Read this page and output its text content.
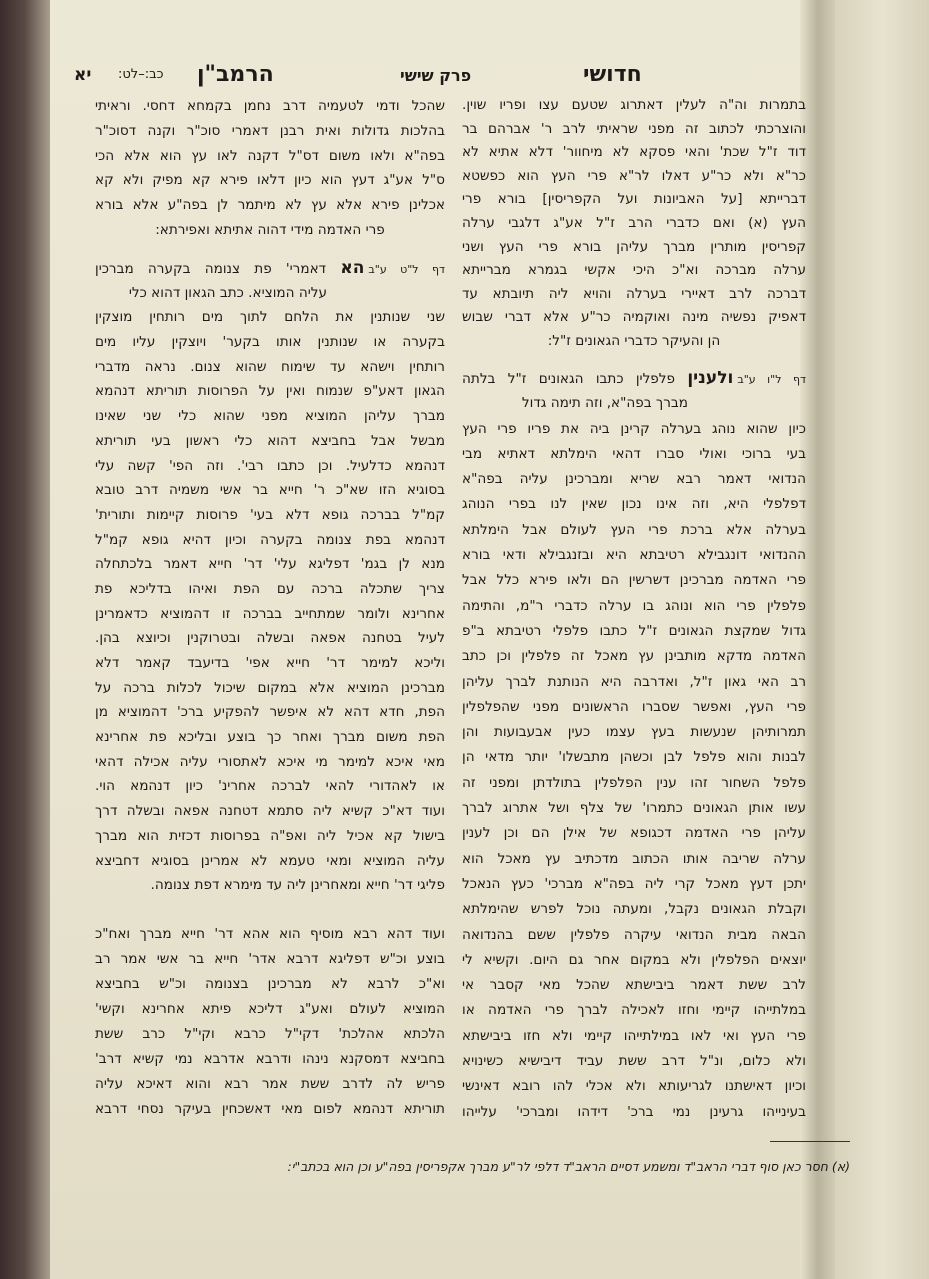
חדושי
פרק שישי
הרמב"ן
כב:–לט:
יא
בתמרות וה"ה לעלין דאתרוג שטעם עצו ופריו שוין.
והוצרכתי לכתוב זה מפני שראיתי לרב ר' אברהם בר
דוד ז"ל שכת' והאי פסקא לא מיחוור' דלא אתיא לא
כר"א ולא כר"ע דאלו לר"א פרי העץ הוא כפשטא
דברייתא [על האביונות ועל הקפריסין] בורא פרי
העץ (א) ואם כדברי הרב ז"ל אע"ג דלגבי ערלה
קפריסין מותרין מברך עליהן בורא פרי העץ ושני
ערלה מברכה וא"כ היכי אקשי בגמרא מברייתא
דברכה לרב דאיירי בערלה והויא ליה תיובתא עד
דאפיק נפשיה מינה ואוקמיה כר"ע אלא דברי שבוש
הן והעיקר כדברי הגאונים ז"ל:
דף ל"ו ע"בולענין פלפלין כתבו הגאונים ז"ל בלתה
מברך בפה"א, וזה תימה גדול
כיון שהוא נוהג בערלה קרינן ביה את פריו פרי העץ
בעי ברוכי ואולי סברו דהאי הימלתא דאתיא מבי
הנדואי דאמר רבא שריא ומברכינן עליה בפה"א
דפלפלי היא, וזה אינו נכון שאין לנו בפרי הנוהג
בערלה אלא ברכת פרי העץ לעולם אבל הימלתא
ההנדואי דונגבילא רטיבתא היא ובזנגבילא ודאי בורא
פרי האדמה מברכינן דשרשין הם ולאו פירא כלל אבל
פלפלין פרי הוא ונוהג בו ערלה כדברי ר"מ, והתימה
גדול שמקצת הגאונים ז"ל כתבו פלפלי רטיבתא ב"פ
האדמה מדקא מותבינן עץ מאכל זה פלפלין וכן כתב
רב האי גאון ז"ל, ואדרבה היא הנותנת לברך עליהן
פרי העץ, ואפשר שסברו הראשונים מפני שהפלפלין
תמרותיהן שנעשות בעץ עצמו כעין אבעבועות והן
לבנות והוא פלפל לבן וכשהן מתבשלו' יותר מדאי הן
פלפל השחור זהו ענין הפלפלין בתולדתן ומפני זה
עשו אותן הגאונים כתמרו' של צלף ושל אתרוג לברך
עליהן פרי האדמה דכגופא של אילן הם וכן לענין
ערלה שריבה אותו הכתוב מדכתיב עץ מאכל הוא
יתכן דעץ מאכל קרי ליה בפה"א מברכי' כעץ הנאכל
וקבלת הגאונים נקבל, ומעתה נוכל לפרש שהימלתא
הבאה מבית הנדואי עיקרה פלפלין ששם בהנדואה
יוצאים הפלפלין ולא במקום אחר גם היום. וקשיא לי
לרב ששת דאמר ביבישתא שהכל מאי קסבר אי
במלתייהו קיימי וחזו לאכילה לברך פרי האדמה או
פרי העץ ואי לאו במילתייהו קיימי ולא חזו ביבישתא
ולא כלום, ונ"ל דרב ששת עביד דיבישיא כשינויא
וכיון דאישתנו לגריעותא ולא אכלי להו רובא דאינשי
בעינייהו גרעינן נמי ברכ' דידהו ומברכי' עלייהו
שהכל ודמי לטעמיה דרב נחמן בקמחא דחסי. וראיתי
בהלכות גדולות ואית רבנן דאמרי סוכ"ר וקנה דסוכ"ר
בפה"א ולאו משום דס"ל דקנה לאו עץ הוא אלא הכי
ס"ל אע"ג דעץ הוא כיון דלאו פירא קא מפיק ולא קא
אכלינן פירא אלא עץ לא מיתמר לן בפה"ע אלא בורא
פרי האדמה מידי דהוה אתיתא ואפירתא:
דף ל"ט ע"בהא דאמרי' פת צנומה בקערה מברכין
עליה המוציא. כתב הגאון דהוא כלי
שני שנותנין את הלחם לתוך מים רותחין מוצקין
בקערה או שנותנין אותו בקער' ויוצקין עליו מים
רותחין וישהא עד שימוח שהוא צנום. נראה מדברי
הגאון דאע"פ שנמוח ואין על הפרוסות תוריתא דנהמא
מברך עליהן המוציא מפני שהוא כלי שני שאינו
מבשל אבל בחביצא דהוא כלי ראשון בעי תוריתא
דנהמא כדלעיל. וכן כתבו רבי'. וזה הפי' קשה עלי
בסוגיא הזו שא"כ ר' חייא בר אשי משמיה דרב טובא
קמ"ל בברכה גופא דלא בעי' פרוסות קיימות ותורית'
דנהמא בפת צנומה בקערה וכיון דהיא גופא קמ"ל
מנא לן בגמ' דפליגא עלי' דר' חייא דאמר בלכתחלה
צריך שתכלה ברכה עם הפת ואיהו בדליכא פת
אחרינא ולומר שמתחייב בברכה זו דהמוציא כדאמרינן
לעיל בטחנה אפאה ובשלה ובטרוקנין וכיוצא בהן.
וליכא למימר דר' חייא אפי' בדיעבד קאמר דלא
מברכינן המוציא אלא במקום שיכול לכלות ברכה על
הפת, חדא דהא לא איפשר להפקיע ברכ' דהמוציא מן
הפת משום מברך ואחר כך בוצע ובליכא פת אחרינא
מאי איכא למימר מי איכא לאתסורי עליה אכילה דהאי
או לאהדורי להאי לברכה אחרינ' כיון דנהמא הוי.
ועוד דא"כ קשיא ליה סתמא דטחנה אפאה ובשלה דרך
בישול קא אכיל ליה ואפ"ה בפרוסות דכזית הוא מברך
עליה המוציא ומאי טעמא לא אמרינן בסוגיא דחביצא
פליגי דר' חייא ומאחרינן ליה עד מימרא דפת צנומה.
ועוד דהא רבא מוסיף הוא אהא דר' חייא מברך ואח"כ
בוצע וכ"ש דפליגא דרבא אדר' חייא בר אשי אמר רב
וא"כ לרבא לא מברכינן בצנומה וכ"ש בחביצא
המוציא לעולם ואע"ג דליכא פיתא אחרינא וקשי'
הלכתא אהלכת' דקי"ל כרבא וקי"ל כרב ששת
בחביצא דמסקנא נינהו ודרבא אדרבא נמי קשיא דרב'
פריש לה לדרב ששת אמר רבא והוא דאיכא עליה
תוריתא דנהמא לפום מאי דאשכחין בעיקר נסחי דרבא
(א) חסר כאן סוף דברי הראב"ד ומשמע דסיים הראב"ד דלפי לר"ע מברך אקפריסין בפה"ע וכן הוא בכתב"י:
